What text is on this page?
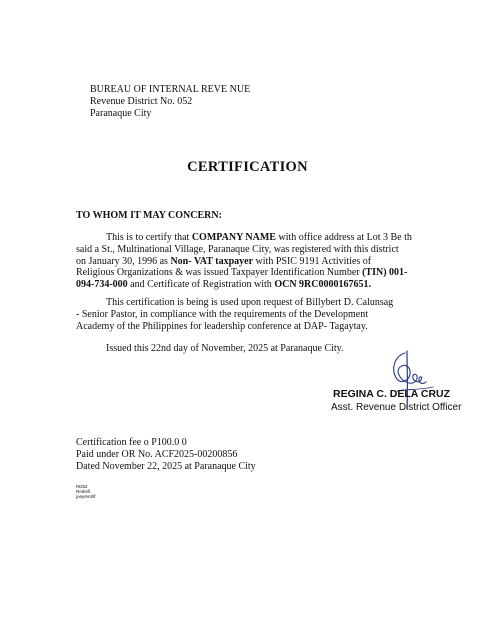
BUREAU OF INTERNAL REVE NUE
Revenue District No. 052
Paranaque City
CERTIFICATION
TO WHOM IT MAY CONCERN:
This is to certify that COMPANY NAME with office address at Lot 3 Be th
said a St., Multinational Village, Paranaque City, was registered with this district
on January 30, 1996 as Non- VAT taxpayer with PSIC 9191 Activities of
Religious Organizations & was issued Taxpayer Identification Number (TIN) 001-
094-734-000 and Certificate of Registration with OCN 9RC0000167651.
This certification is being is used upon request of Billybert D. Calunsag
- Senior Pastor, in compliance with the requirements of the Development
Academy of the Philippines for leadership conference at DAP- Tagaytay.
Issued this 22nd day of November, 2025 at Paranaque City.
REGINA C. DELA CRUZ
Asst. Revenue District Officer
Certification fee o P100.0 0
Paid under OR No. ACF2025-00200856
Dated November 22, 2025 at Paranaque City
RD52
Red/ell
joey/ent/tf
